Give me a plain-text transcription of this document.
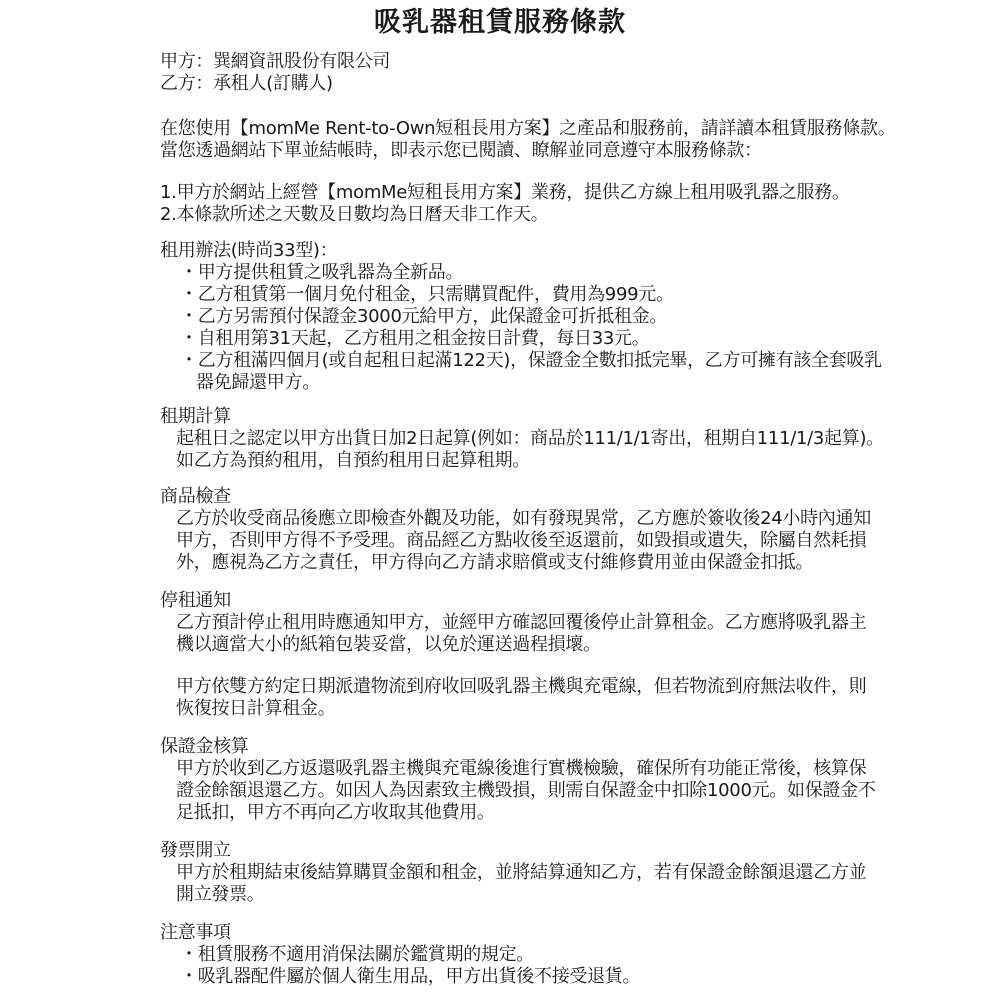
吸乳器租賃服務條款
甲方：巽網資訊股份有限公司
乙方：承租人(訂購人)
在您使用【momMe Rent-to-Own短租長用方案】之產品和服務前，請詳讀本租賃服務條款。
當您透過網站下單並結帳時，即表示您已閱讀、瞭解並同意遵守本服務條款：
1.甲方於網站上經營【momMe短租長用方案】業務，提供乙方線上租用吸乳器之服務。
2.本條款所述之天數及日數均為日曆天非工作天。
租用辦法(時尚33型)：
・甲方提供租賃之吸乳器為全新品。
・乙方租賃第一個月免付租金，只需購買配件，費用為999元。
・乙方另需預付保證金3000元給甲方，此保證金可折抵租金。
・自租用第31天起，乙方租用之租金按日計費，每日33元。
・乙方租滿四個月(或自起租日起滿122天)，保證金全數扣抵完畢，乙方可擁有該全套吸乳
器免歸還甲方。
租期計算
起租日之認定以甲方出貨日加2日起算(例如：商品於111/1/1寄出，租期自111/1/3起算)。
如乙方為預約租用，自預約租用日起算租期。
商品檢查
乙方於收受商品後應立即檢查外觀及功能，如有發現異常，乙方應於簽收後24小時內通知
甲方，否則甲方得不予受理。商品經乙方點收後至返還前，如毀損或遺失，除屬自然耗損
外，應視為乙方之責任，甲方得向乙方請求賠償或支付維修費用並由保證金扣抵。
停租通知
乙方預計停止租用時應通知甲方，並經甲方確認回覆後停止計算租金。乙方應將吸乳器主
機以適當大小的紙箱包裝妥當，以免於運送過程損壞。
甲方依雙方約定日期派遣物流到府收回吸乳器主機與充電線，但若物流到府無法收件，則
恢復按日計算租金。
保證金核算
甲方於收到乙方返還吸乳器主機與充電線後進行實機檢驗，確保所有功能正常後，核算保
證金餘額退還乙方。如因人為因素致主機毀損，則需自保證金中扣除1000元。如保證金不
足抵扣，甲方不再向乙方收取其他費用。
發票開立
甲方於租期結束後結算購買金額和租金，並將結算通知乙方，若有保證金餘額退還乙方並
開立發票。
注意事項
・租賃服務不適用消保法關於鑑賞期的規定。
・吸乳器配件屬於個人衛生用品，甲方出貨後不接受退貨。
